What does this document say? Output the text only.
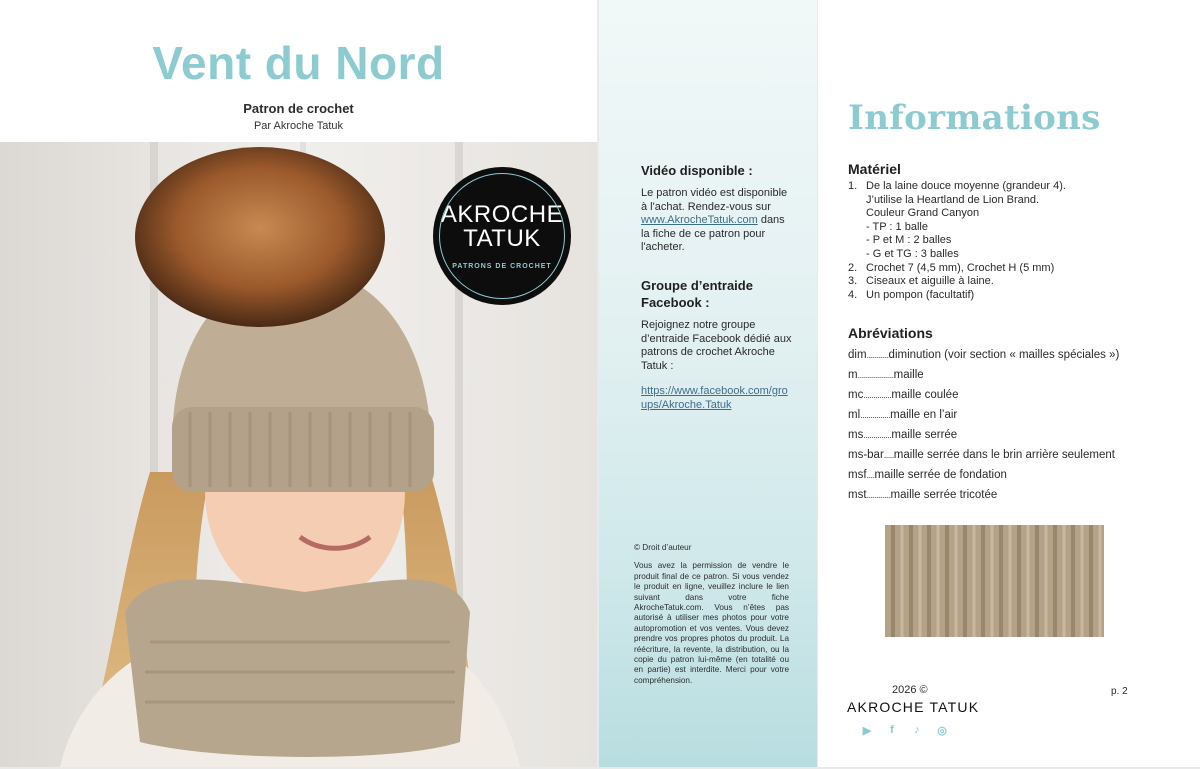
Vent du Nord
Patron de crochet
Par Akroche Tatuk
AKROCHE
TATUK
PATRONS DE CROCHET
Vidéo disponible :
Le patron vidéo est disponible à l'achat. Rendez-vous sur www.AkrocheTatuk.com dans la fiche de ce patron pour l'acheter.
Groupe d’entraide Facebook :
Rejoignez notre groupe d’entraide Facebook dédié aux patrons de crochet Akroche Tatuk :
https://www.facebook.com/groups/Akroche.Tatuk
© Droit d’auteur
Vous avez la permission de vendre le produit final de ce patron. Si vous vendez le produit en ligne, veuillez inclure le lien suivant dans votre fiche AkrocheTatuk.com. Vous n’êtes pas autorisé à utiliser mes photos pour votre autopromotion et vos ventes. Vous devez prendre vos propres photos du produit. La réécriture, la revente, la distribution, ou la copie du patron lui-même (en totalité ou en partie) est interdite. Merci pour votre compréhension.
Informations
Matériel
1. De la laine douce moyenne (grandeur 4).
J’utilise la Heartland de Lion Brand.
Couleur Grand Canyon
- TP : 1 balle
- P et M : 2 balles
- G et TG : 3 balles
2. Crochet 7 (4,5 mm), Crochet H (5 mm)
3. Ciseaux et aiguille à laine.
4. Un pompon (facultatif)
Abréviations
dim ........... diminution (voir section « mailles spéciales »)
m .................. maille
mc .............. maille coulée
ml ............... maille en l’air
ms .............. maille serrée
ms-bar ..... maille serrée dans le brin arrière seulement
msf .... maille serrée de fondation
mst ............ maille serrée tricotée
2026 ©
AKROCHE TATUK
p. 2
▶	f	♪	◎
